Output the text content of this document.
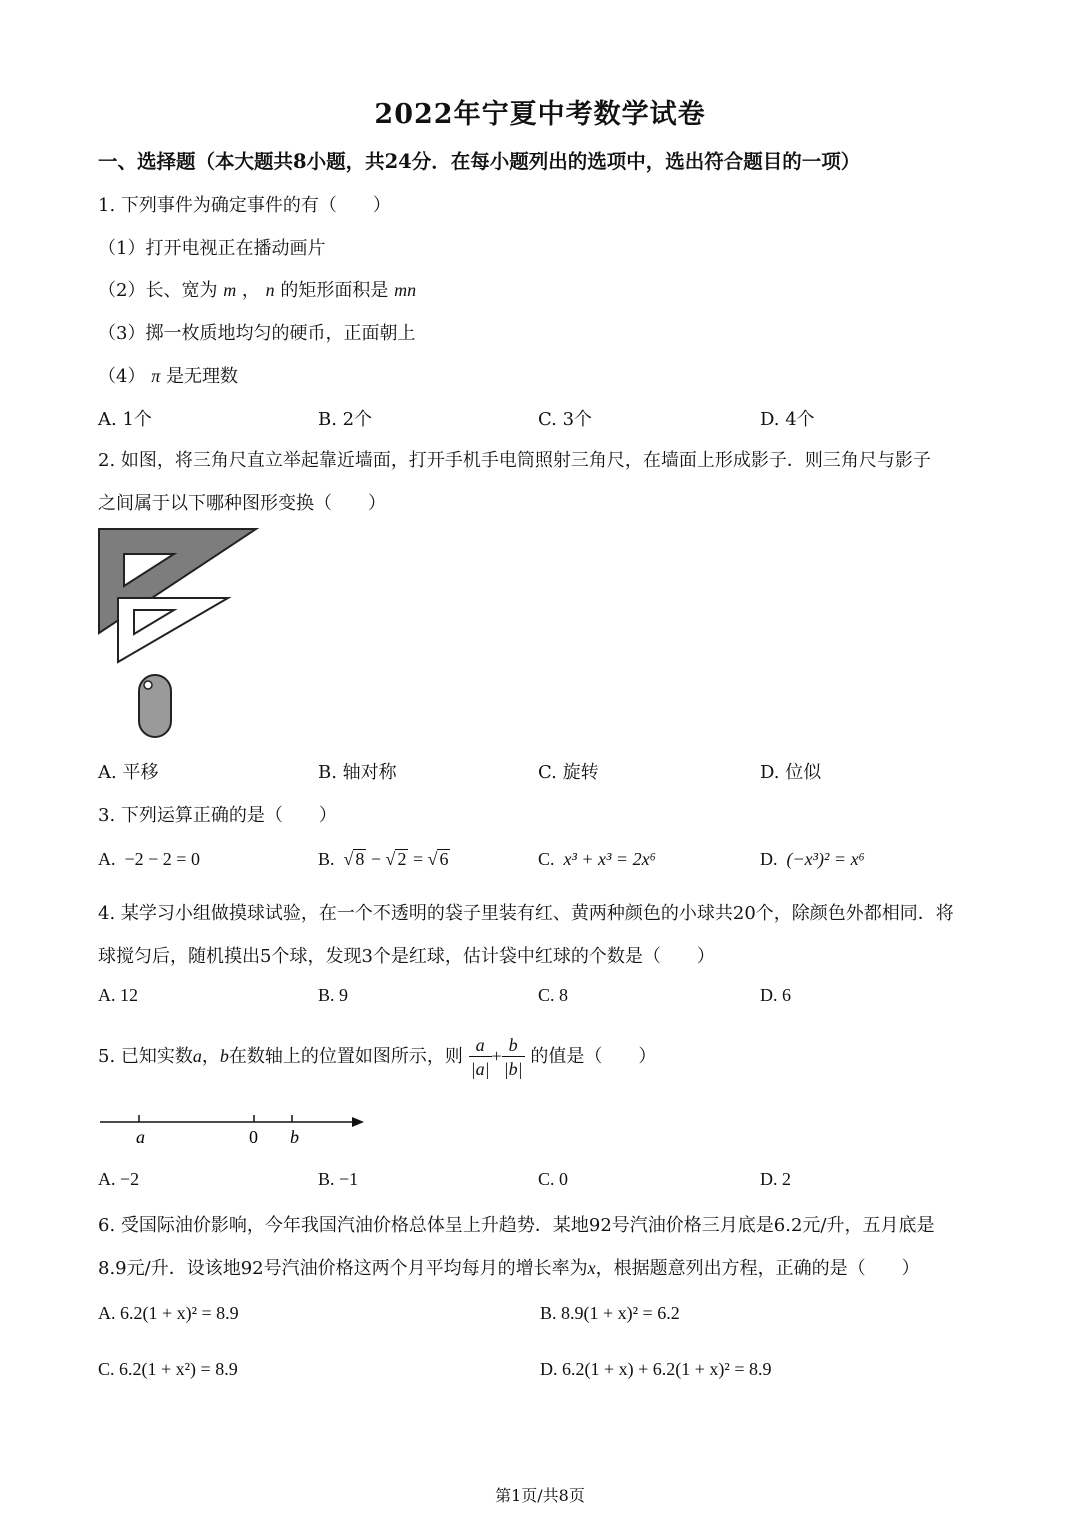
2022年宁夏中考数学试卷
一、选择题（本大题共8小题，共24分．在每小题列出的选项中，选出符合题目的一项）
1. 下列事件为确定事件的有（　　）
（1）打开电视正在播动画片
（2）长、宽为 m ， n 的矩形面积是 mn
（3）掷一枚质地均匀的硬币，正面朝上
（4） π 是无理数
A. 1个	B. 2个	C. 3个	D. 4个
2. 如图，将三角尺直立举起靠近墙面，打开手机手电筒照射三角尺，在墙面上形成影子．则三角尺与影子
之间属于以下哪种图形变换（　　）
A. 平移	B. 轴对称	C. 旋转	D. 位似
3. 下列运算正确的是（　　）
A. −2 − 2 = 0	B.  √ 8 − √ 2 = √ 6	C. x³ + x³ = 2x⁶	D. (−x³)² = x⁶
4. 某学习小组做摸球试验，在一个不透明的袋子里装有红、黄两种颜色的小球共20个，除颜色外都相同．将
球搅匀后，随机摸出5个球，发现3个是红球，估计袋中红球的个数是（　　）
A. 12	B. 9	C. 8	D. 6
5. 已知实数a，b在数轴上的位置如图所示，则 $\frac{a}{|a|} + \frac{b}{|b|}$ 的值是（　　）
a	0 b
A. −2	B. −1	C. 0	D. 2
6. 受国际油价影响，今年我国汽油价格总体呈上升趋势．某地92号汽油价格三月底是6.2元/升，五月底是
8.9元/升．设该地92号汽油价格这两个月平均每月的增长率为x，根据题意列出方程，正确的是（　　）
A. 6.2(1 + x)² = 8.9	B. 8.9(1 + x)² = 6.2
C. 6.2(1 + x²) = 8.9	D. 6.2(1 + x) + 6.2(1 + x)² = 8.9
第1页/共8页
